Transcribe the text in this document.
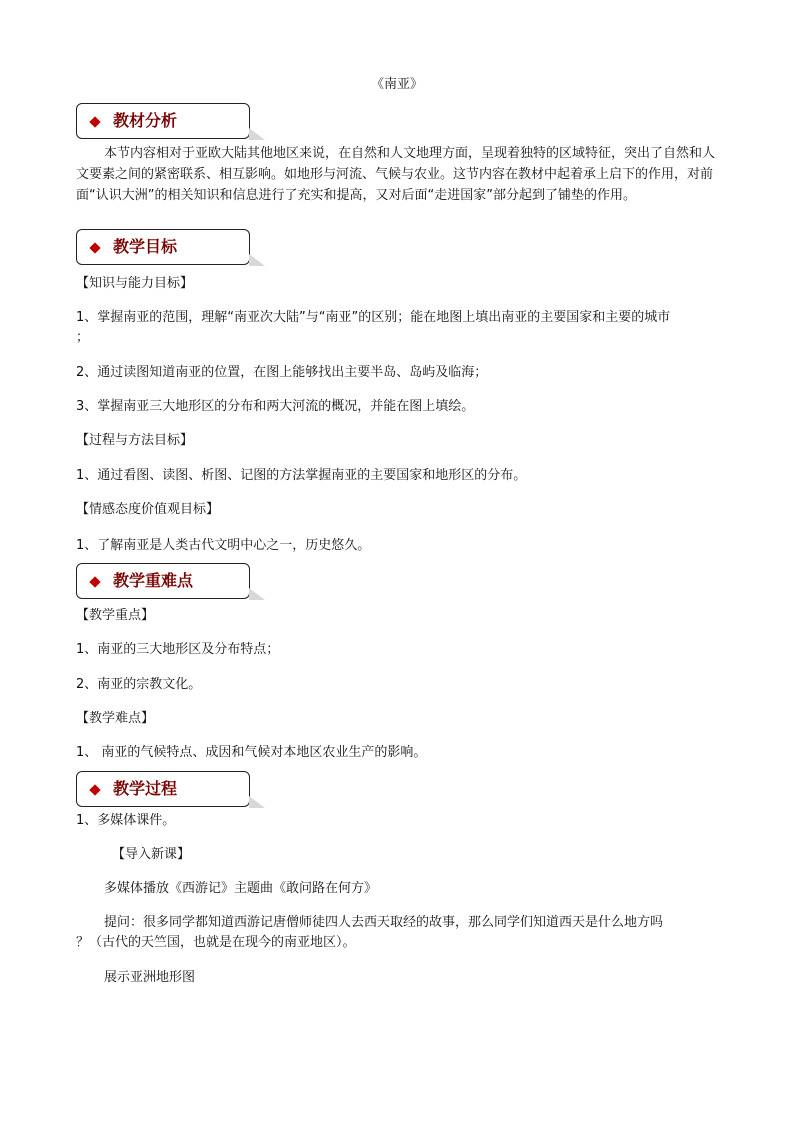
《南亚》
教材分析

本节内容相对于亚欧大陆其他地区来说，在自然和人文地理方面，呈现着独特的区域特征，突出了自然和人文要素之间的紧密联系、相互影响。如地形与河流、气候与农业。这节内容在教材中起着承上启下的作用，对前面“认识大洲”的相关知识和信息进行了充实和提高，又对后面“走进国家”部分起到了铺垫的作用。

教学目标

【知识与能力目标】

1、掌握南亚的范围，理解“南亚次大陆”与“南亚”的区别；能在地图上填出南亚的主要国家和主要的城市

；

2、通过读图知道南亚的位置，在图上能够找出主要半岛、岛屿及临海；

3、掌握南亚三大地形区的分布和两大河流的概况，并能在图上填绘。

【过程与方法目标】

1、通过看图、读图、析图、记图的方法掌握南亚的主要国家和地形区的分布。

【情感态度价值观目标】

1、了解南亚是人类古代文明中心之一，历史悠久。

教学重难点

【教学重点】

1、南亚的三大地形区及分布特点；

2、南亚的宗教文化。

【教学难点】

1、 南亚的气候特点、成因和气候对本地区农业生产的影响。

教学过程

1、多媒体课件。

【导入新课】

多媒体播放《西游记》主题曲《敢问路在何方》

提问：很多同学都知道西游记唐僧师徒四人去西天取经的故事，那么同学们知道西天是什么地方吗

？（古代的天竺国，也就是在现今的南亚地区）。

展示亚洲地形图
